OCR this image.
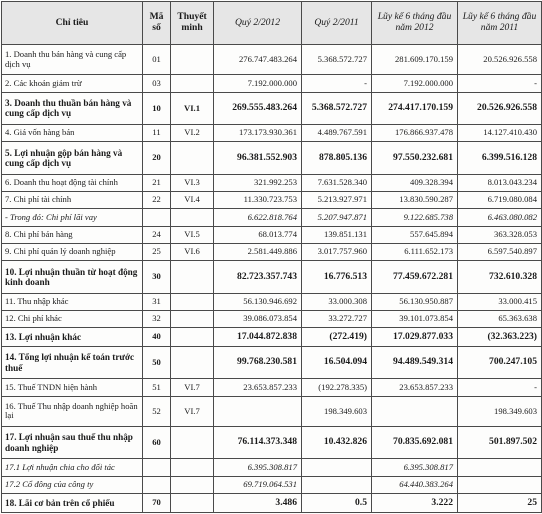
Chỉ tiêu	Mã số	Thuyết minh	Quý 2/2012	Quý 2/2011	Lũy kế 6 tháng đầu năm 2012	Lũy kế 6 tháng đầu năm 2011
1. Doanh thu bán hàng và cung cấp dịch vụ	01		276.747.483.264	5.368.572.727	281.609.170.159	20.526.926.558
2. Các khoản giảm trừ	03		7.192.000.000	-	7.192.000.000	-
3. Doanh thu thuần bán hàng và cung cấp dịch vụ	10	VI.1	269.555.483.264	5.368.572.727	274.417.170.159	20.526.926.558
4. Giá vốn hàng bán	11	VI.2	173.173.930.361	4.489.767.591	176.866.937.478	14.127.410.430
5. Lợi nhuận gộp bán hàng và cung cấp dịch vụ	20		96.381.552.903	878.805.136	97.550.232.681	6.399.516.128
6. Doanh thu hoạt động tài chính	21	VI.3	321.992.253	7.631.528.340	409.328.394	8.013.043.234
7. Chi phí tài chính	22	VI.4	11.330.723.753	5.213.927.971	13.830.590.287	6.719.080.084
- Trong đó: Chi phí lãi vay			6.622.818.764	5.207.947.871	9.122.685.738	6.463.080.082
8. Chi phí bán hàng	24	VI.5	68.013.774	139.851.131	557.645.894	363.328.053
9. Chi phí quản lý doanh nghiệp	25	VI.6	2.581.449.886	3.017.757.960	6.111.652.173	6.597.540.897
10. Lợi nhuận thuần từ hoạt động kinh doanh	30		82.723.357.743	16.776.513	77.459.672.281	732.610.328
11. Thu nhập khác	31		56.130.946.692	33.000.308	56.130.950.887	33.000.415
12. Chi phí khác	32		39.086.073.854	33.272.727	39.101.073.854	65.363.638
13. Lợi nhuận khác	40		17.044.872.838	(272.419)	17.029.877.033	(32.363.223)
14. Tổng lợi nhuận kế toán trước thuế	50		99.768.230.581	16.504.094	94.489.549.314	700.247.105
15. Thuế TNDN hiện hành	51	VI.7	23.653.857.233	(192.278.335)	23.653.857.233	-
16. Thuế Thu nhập doanh nghiệp hoãn lại	52	VI.7		198.349.603		198.349.603
17. Lợi nhuận sau thuế thu nhập doanh nghiệp	60		76.114.373.348	10.432.826	70.835.692.081	501.897.502
17.1 Lợi nhuận chia cho đối tác			6.395.308.817		6.395.308.817	
17.2 Cổ đông của công ty			69.719.064.531		64.440.383.264	
18. Lãi cơ bản trên cổ phiếu	70		3.486	0.5	3.222	25
